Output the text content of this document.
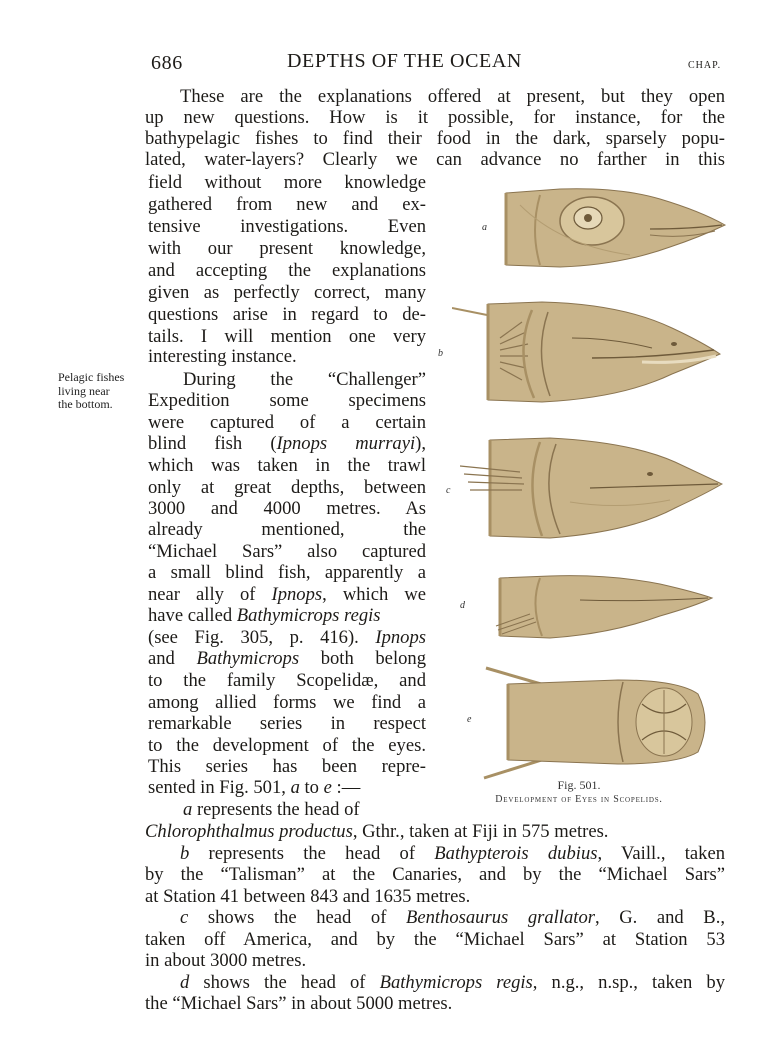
686	DEPTHS OF THE OCEAN	CHAP.
Pelagic fishes
living near
the bottom.
These are the explanations offered at present, but they open
up new questions. How is it possible, for instance, for the
bathypelagic fishes to find their food in the dark, sparsely popu-
lated, water-layers? Clearly we can advance no farther in this
field without more knowledge
gathered from new and ex-
tensive investigations. Even
with our present knowledge,
and accepting the explanations
given as perfectly correct, many
questions arise in regard to de-
tails. I will mention one very
interesting instance.
During the “Challenger”
Expedition some specimens
were captured of a certain
blind fish (Ipnops murrayi),
which was taken in the trawl
only at great depths, between
3000 and 4000 metres. As
already mentioned, the
“Michael Sars” also captured
a small blind fish, apparently a
near ally of Ipnops, which we
have called Bathymicrops regis
(see Fig. 305, p. 416). Ipnops
and Bathymicrops both belong
to the family Scopelidæ, and
among allied forms we find a
remarkable series in respect
to the development of the eyes.
This series has been repre-
sented in Fig. 501, a to e :—
a represents the head of
Chlorophthalmus productus, Gthr., taken at Fiji in 575 metres.
b represents the head of Bathypterois dubius, Vaill., taken
by the “Talisman” at the Canaries, and by the “Michael Sars”
at Station 41 between 843 and 1635 metres.
c shows the head of Benthosaurus grallator, G. and B.,
taken off America, and by the “Michael Sars” at Station 53
in about 3000 metres.
d shows the head of Bathymicrops regis, n.g., n.sp., taken by
the “Michael Sars” in about 5000 metres.
a
b
c
d
e
Fig. 501.
Development of Eyes in Scopelids.
